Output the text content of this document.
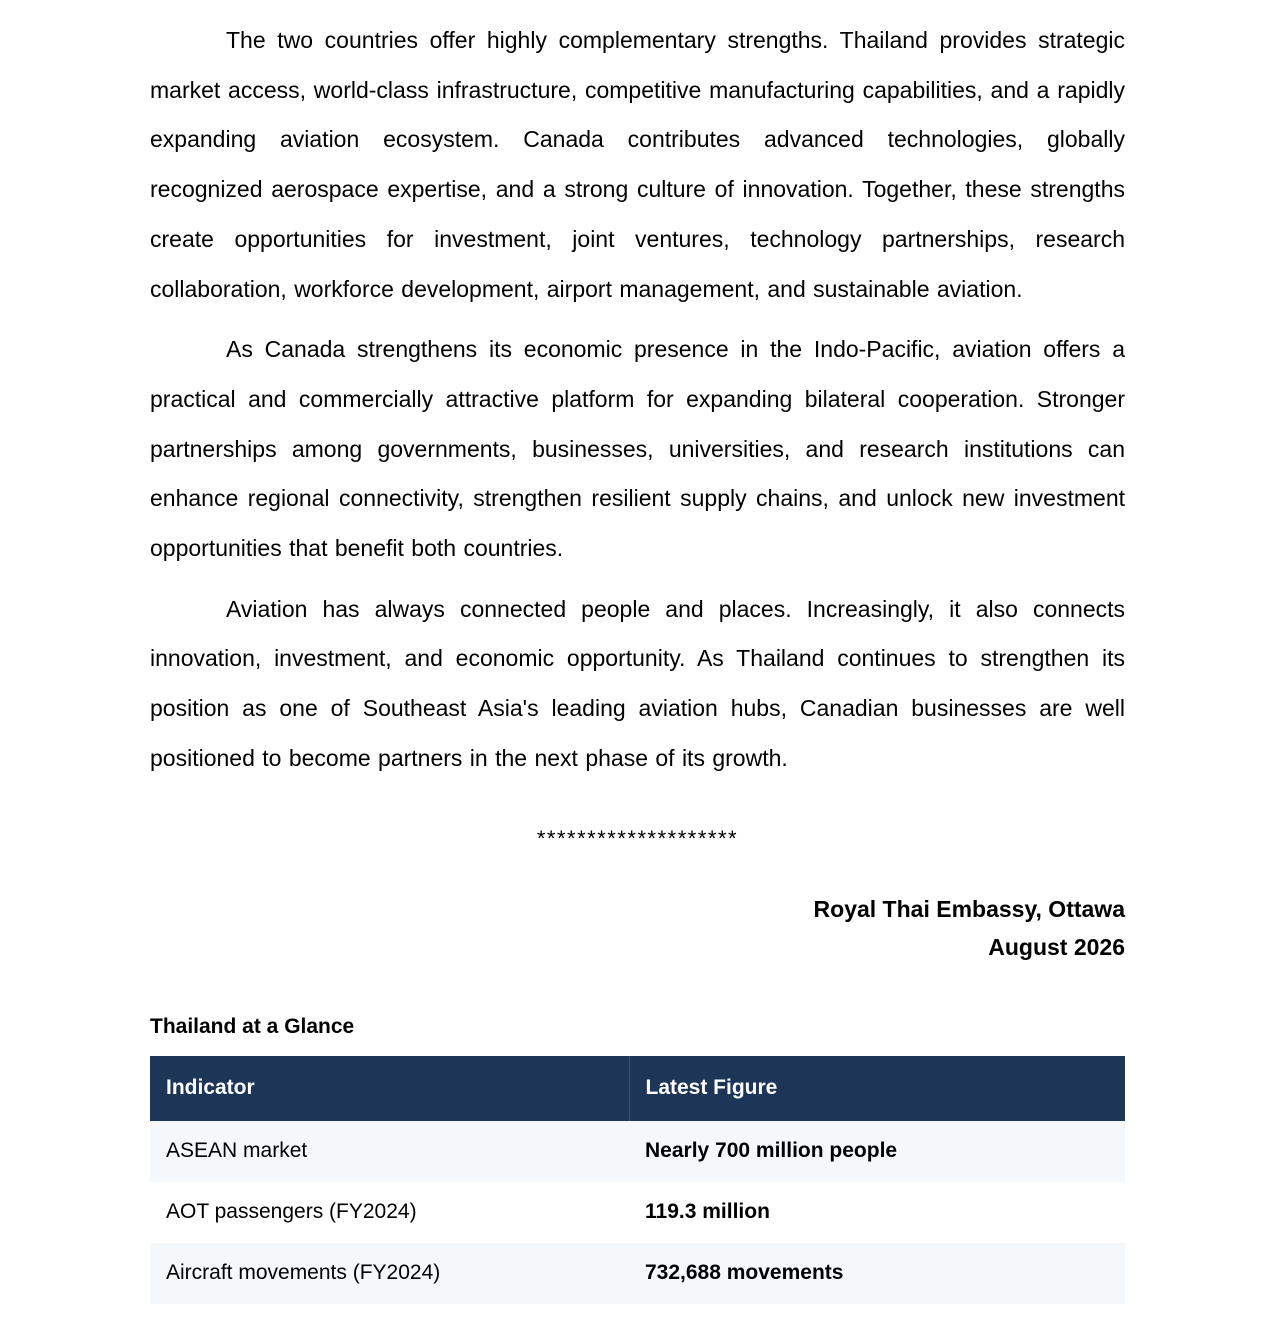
The two countries offer highly complementary strengths. Thailand provides strategic market access, world-class infrastructure, competitive manufacturing capabilities, and a rapidly expanding aviation ecosystem. Canada contributes advanced technologies, globally recognized aerospace expertise, and a strong culture of innovation. Together, these strengths create opportunities for investment, joint ventures, technology partnerships, research collaboration, workforce development, airport management, and sustainable aviation.

As Canada strengthens its economic presence in the Indo-Pacific, aviation offers a practical and commercially attractive platform for expanding bilateral cooperation. Stronger partnerships among governments, businesses, universities, and research institutions can enhance regional connectivity, strengthen resilient supply chains, and unlock new investment opportunities that benefit both countries.

Aviation has always connected people and places. Increasingly, it also connects innovation, investment, and economic opportunity. As Thailand continues to strengthen its position as one of Southeast Asia's leading aviation hubs, Canadian businesses are well positioned to become partners in the next phase of its growth.

********************
Royal Thai Embassy, Ottawa
August 2026
Thailand at a Glance
Indicator	Latest Figure
ASEAN market	Nearly 700 million people
AOT passengers (FY2024)	119.3 million
Aircraft movements (FY2024)	732,688 movements
